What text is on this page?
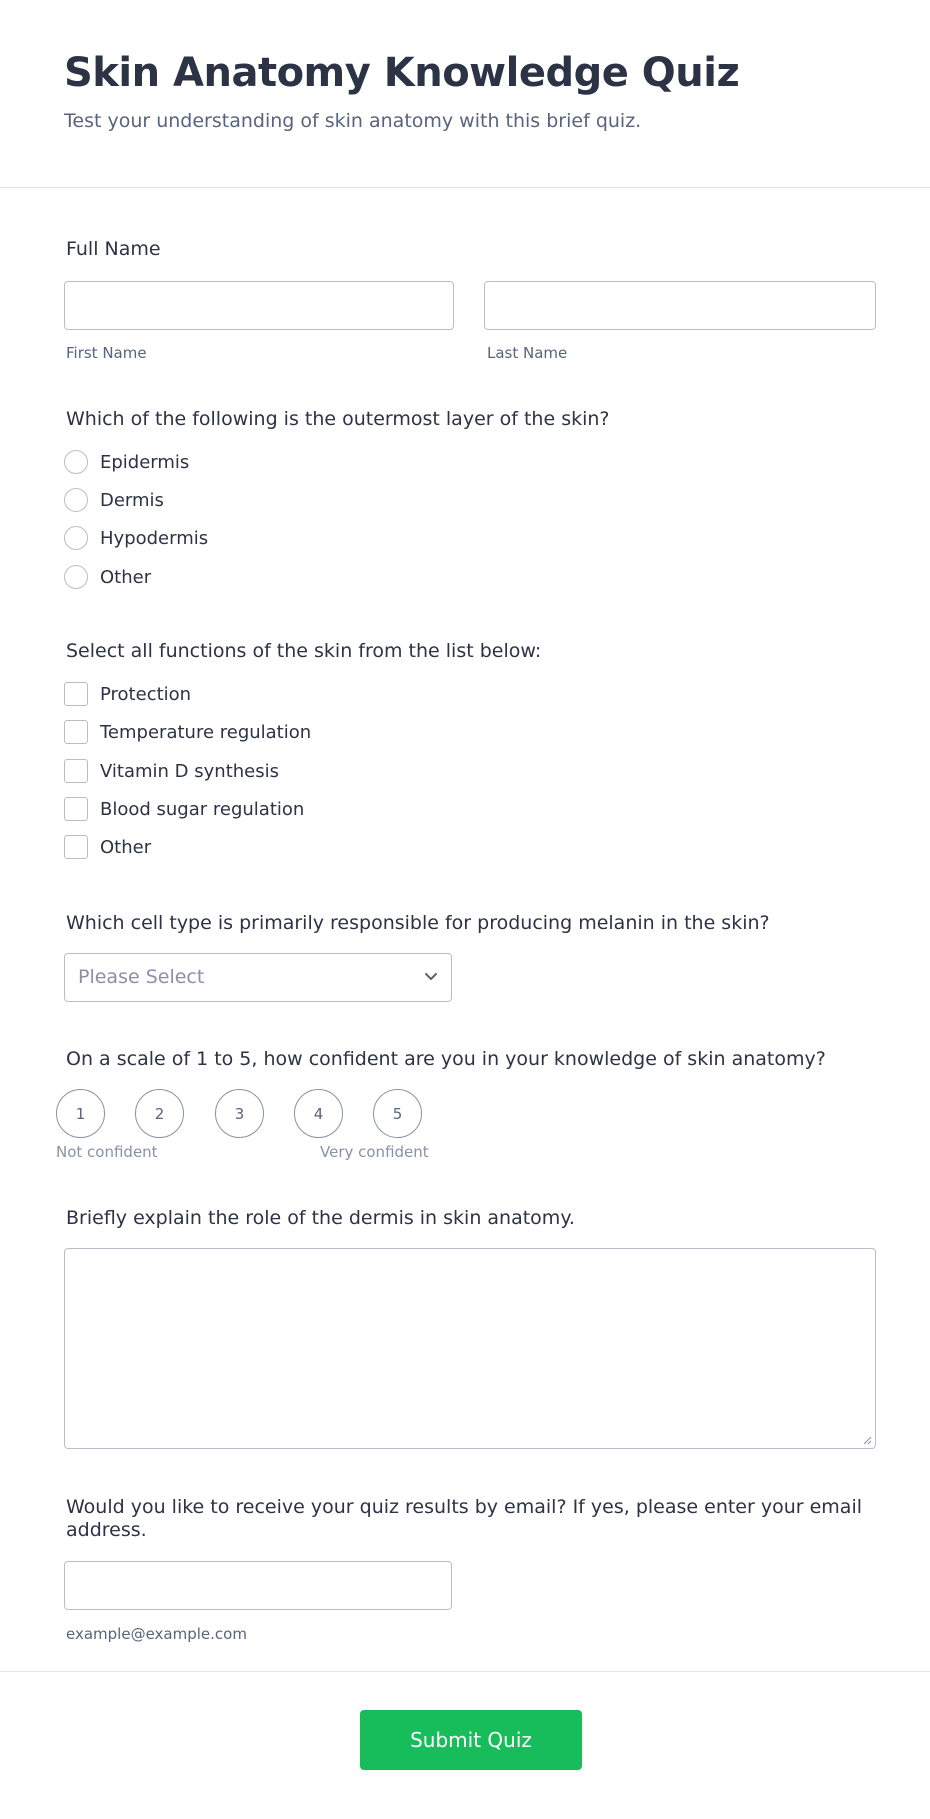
Skin Anatomy Knowledge Quiz
Test your understanding of skin anatomy with this brief quiz.
Full Name
First Name	Last Name
Which of the following is the outermost layer of the skin?
Epidermis
Dermis
Hypodermis
Other
Select all functions of the skin from the list below:
Protection
Temperature regulation
Vitamin D synthesis
Blood sugar regulation
Other
Which cell type is primarily responsible for producing melanin in the skin?
Please Select
On a scale of 1 to 5, how confident are you in your knowledge of skin anatomy?
1	2	3	4	5
Not confident	Very confident
Briefly explain the role of the dermis in skin anatomy.
Would you like to receive your quiz results by email? If yes, please enter your email
address.
example@example.com
Submit Quiz
